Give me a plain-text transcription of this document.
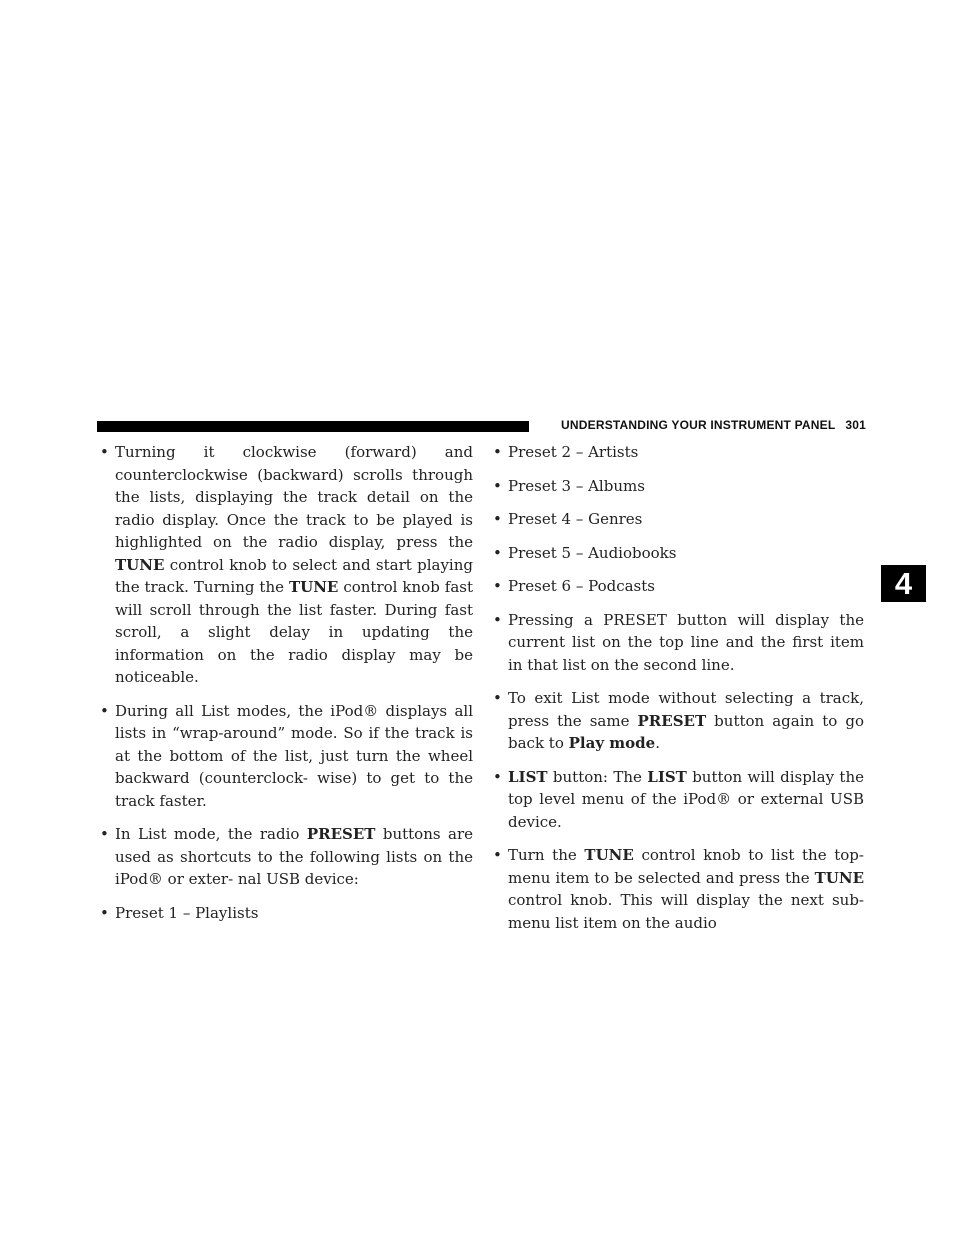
UNDERSTANDING YOUR INSTRUMENT PANEL 301
4
• Turning it clockwise (forward) and counterclockwise (backward) scrolls through the lists, displaying the track detail on the radio display. Once the track to be played is highlighted on the radio display, press the TUNE control knob to select and start playing the track. Turning the TUNE control knob fast will scroll through the list faster. During fast scroll, a slight delay in updating the information on the radio display may be noticeable.
• During all List modes, the iPod® displays all lists in “wrap-around” mode. So if the track is at the bottom of the list, just turn the wheel backward (counterclock- wise) to get to the track faster.
• In List mode, the radio PRESET buttons are used as shortcuts to the following lists on the iPod® or exter- nal USB device:
• Preset 1 – Playlists
• Preset 2 – Artists
• Preset 3 – Albums
• Preset 4 – Genres
• Preset 5 – Audiobooks
• Preset 6 – Podcasts
• Pressing a PRESET button will display the current list on the top line and the first item in that list on the second line.
• To exit List mode without selecting a track, press the same PRESET button again to go back to Play mode.
• LIST button: The LIST button will display the top level menu of the iPod® or external USB device.
• Turn the TUNE control knob to list the top-menu item to be selected and press the TUNE control knob. This will display the next sub-menu list item on the audio
